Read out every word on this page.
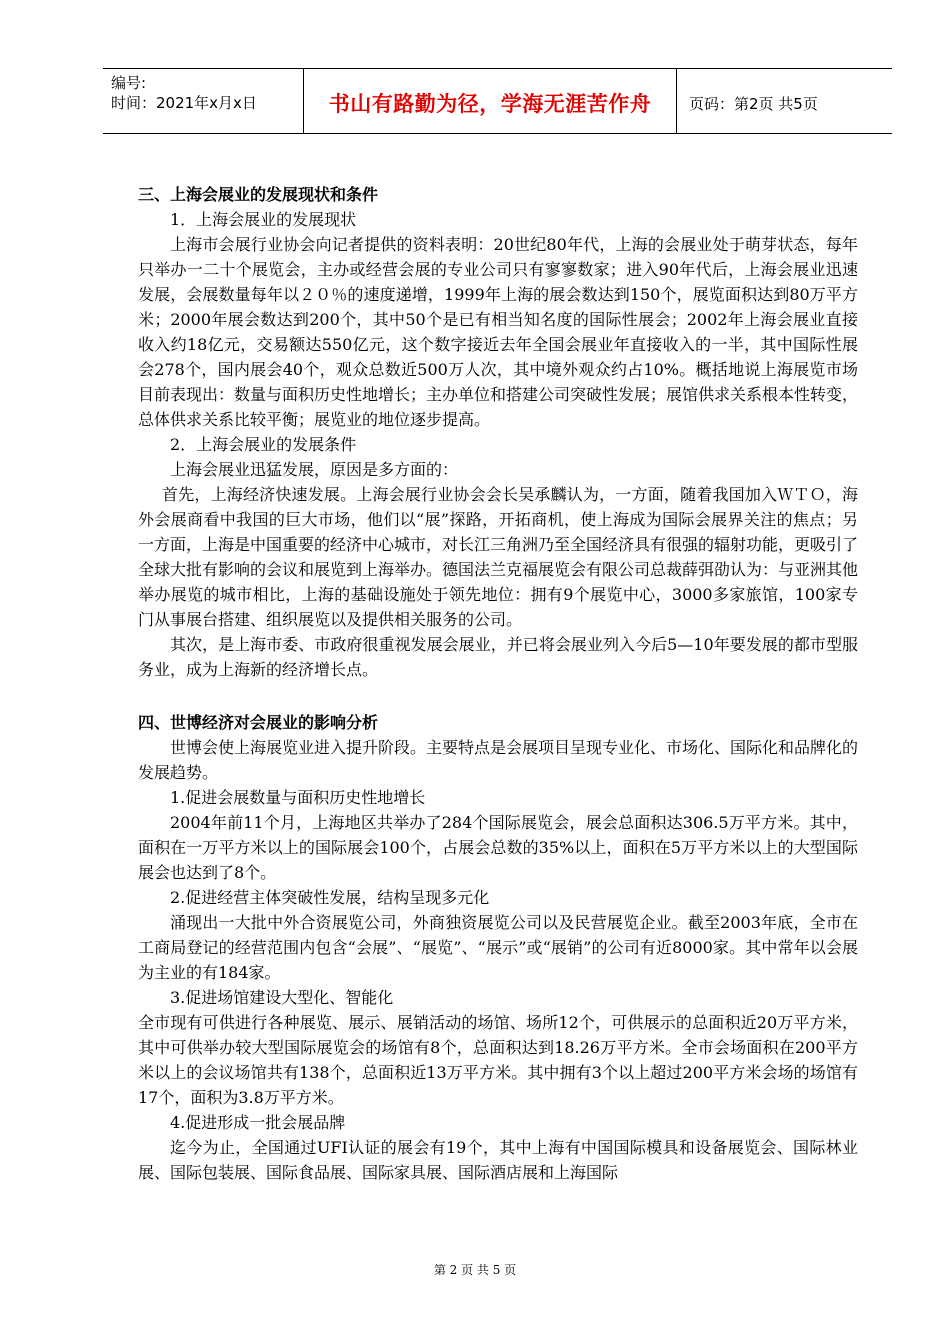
编号:
时间：2021年x月x日	书山有路勤为径，学海无涯苦作舟	页码：第2页 共5页

三、上海会展业的发展现状和条件

1．上海会展业的发展现状

上海市会展行业协会向记者提供的资料表明：20世纪80年代，上海的会展业处于萌芽状态，每年只举办一二十个展览会，主办或经营会展的专业公司只有寥寥数家；进入90年代后，上海会展业迅速发展，会展数量每年以２０％的速度递增，1999年上海的展会数达到150个，展览面积达到80万平方米；2000年展会数达到200个，其中50个是已有相当知名度的国际性展会；2002年上海会展业直接收入约18亿元，交易额达550亿元，这个数字接近去年全国会展业年直接收入的一半，其中国际性展会278个，国内展会40个，观众总数近500万人次，其中境外观众约占10%。概括地说上海展览市场目前表现出：数量与面积历史性地增长；主办单位和搭建公司突破性发展；展馆供求关系根本性转变，总体供求关系比较平衡；展览业的地位逐步提高。

2．上海会展业的发展条件

上海会展业迅猛发展，原因是多方面的：

首先，上海经济快速发展。上海会展行业协会会长吴承麟认为，一方面，随着我国加入ＷＴＯ，海外会展商看中我国的巨大市场，他们以“展”探路，开拓商机，使上海成为国际会展界关注的焦点；另一方面，上海是中国重要的经济中心城市，对长江三角洲乃至全国经济具有很强的辐射功能，更吸引了全球大批有影响的会议和展览到上海举办。德国法兰克福展览会有限公司总裁薛弭劭认为：与亚洲其他举办展览的城市相比，上海的基础设施处于领先地位：拥有9个展览中心，3000多家旅馆，100家专门从事展台搭建、组织展览以及提供相关服务的公司。

其次，是上海市委、市政府很重视发展会展业，并已将会展业列入今后5—10年要发展的都市型服务业，成为上海新的经济增长点。

四、世博经济对会展业的影响分析

世博会使上海展览业进入提升阶段。主要特点是会展项目呈现专业化、市场化、国际化和品牌化的发展趋势。

1.促进会展数量与面积历史性地增长

2004年前11个月，上海地区共举办了284个国际展览会，展会总面积达306.5万平方米。其中，面积在一万平方米以上的国际展会100个，占展会总数的35%以上，面积在5万平方米以上的大型国际展会也达到了8个。

2.促进经营主体突破性发展，结构呈现多元化

涌现出一大批中外合资展览公司，外商独资展览公司以及民营展览企业。截至2003年底，全市在工商局登记的经营范围内包含“会展”、“展览”、“展示”或“展销”的公司有近8000家。其中常年以会展为主业的有184家。

3.促进场馆建设大型化、智能化

全市现有可供进行各种展览、展示、展销活动的场馆、场所12个，可供展示的总面积近20万平方米，其中可供举办较大型国际展览会的场馆有8个，总面积达到18.26万平方米。全市会场面积在200平方米以上的会议场馆共有138个，总面积近13万平方米。其中拥有3个以上超过200平方米会场的场馆有17个，面积为3.8万平方米。

4.促进形成一批会展品牌

迄今为止，全国通过UFI认证的展会有19个，其中上海有中国国际模具和设备展览会、国际林业展、国际包装展、国际食品展、国际家具展、国际酒店展和上海国际

第 2 页 共 5 页
